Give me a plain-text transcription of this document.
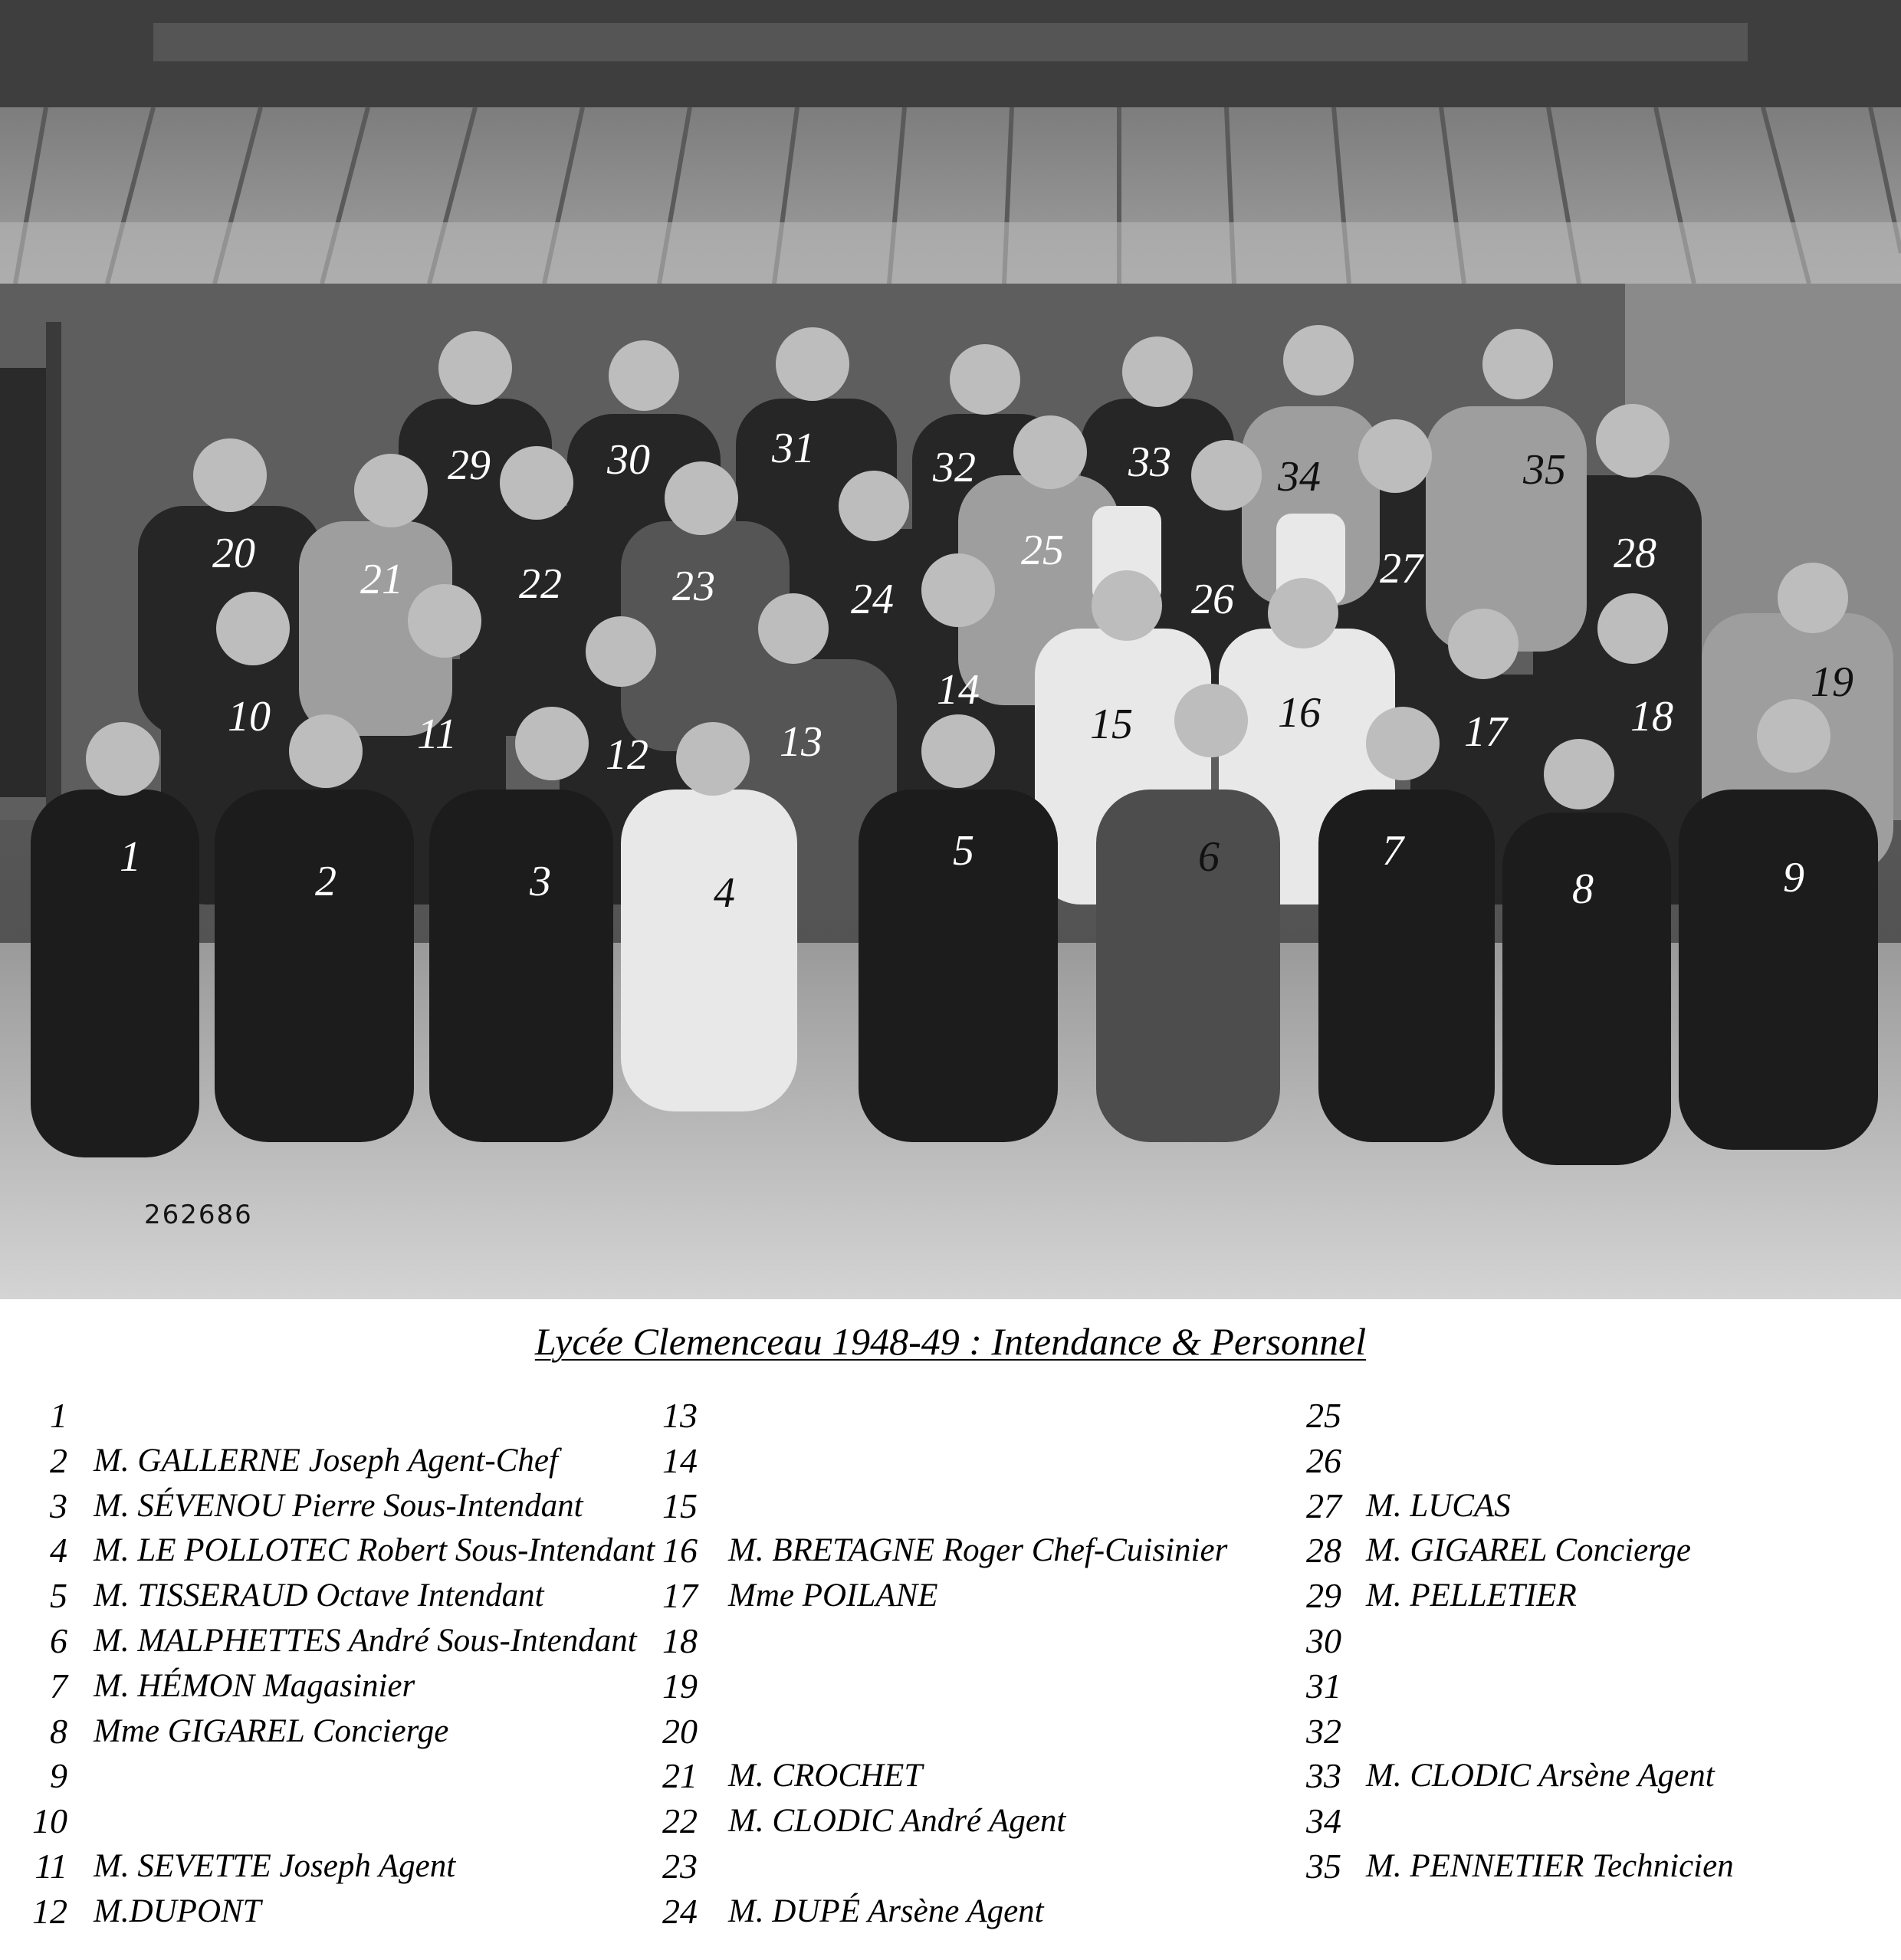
1
2	3	4
5	6	7
8	9
10	11	12	13
14
15	16	17	18
19
20
21	22	23	24
25
26
27	28
29	30	31	32	33 34	35
262686
Lycée Clemenceau 1948-49 : Intendance & Personnel
1
2 M. GALLERNE Joseph Agent-Chef
3 M. SÉVENOU Pierre Sous-Intendant
4 M. LE POLLOTEC Robert Sous-Intendant
5 M. TISSERAUD Octave Intendant
6 M. MALPHETTES André Sous-Intendant
7 M. HÉMON Magasinier
8 Mme GIGAREL Concierge
9
10
11 M. SEVETTE Joseph Agent
12 M.DUPONT
13
14
15
16 M. BRETAGNE Roger Chef-Cuisinier
17 Mme POILANE
18
19
20
21 M. CROCHET
22 M. CLODIC André Agent
23
24 M. DUPÉ Arsène Agent
25
26
27 M. LUCAS
28 M. GIGAREL Concierge
29 M. PELLETIER
30
31
32
33 M. CLODIC Arsène Agent
34
35 M. PENNETIER Technicien
